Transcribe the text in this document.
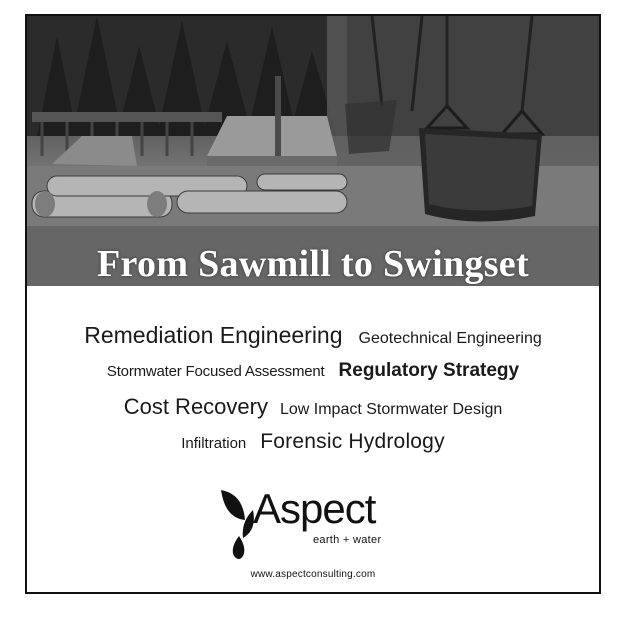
From Sawmill to Swingset
Remediation Engineering Geotechnical Engineering
Stormwater Focused Assessment Regulatory Strategy
Cost Recovery Low Impact Stormwater Design
Infiltration Forensic Hydrology
Aspect
earth + water
www.aspectconsulting.com
